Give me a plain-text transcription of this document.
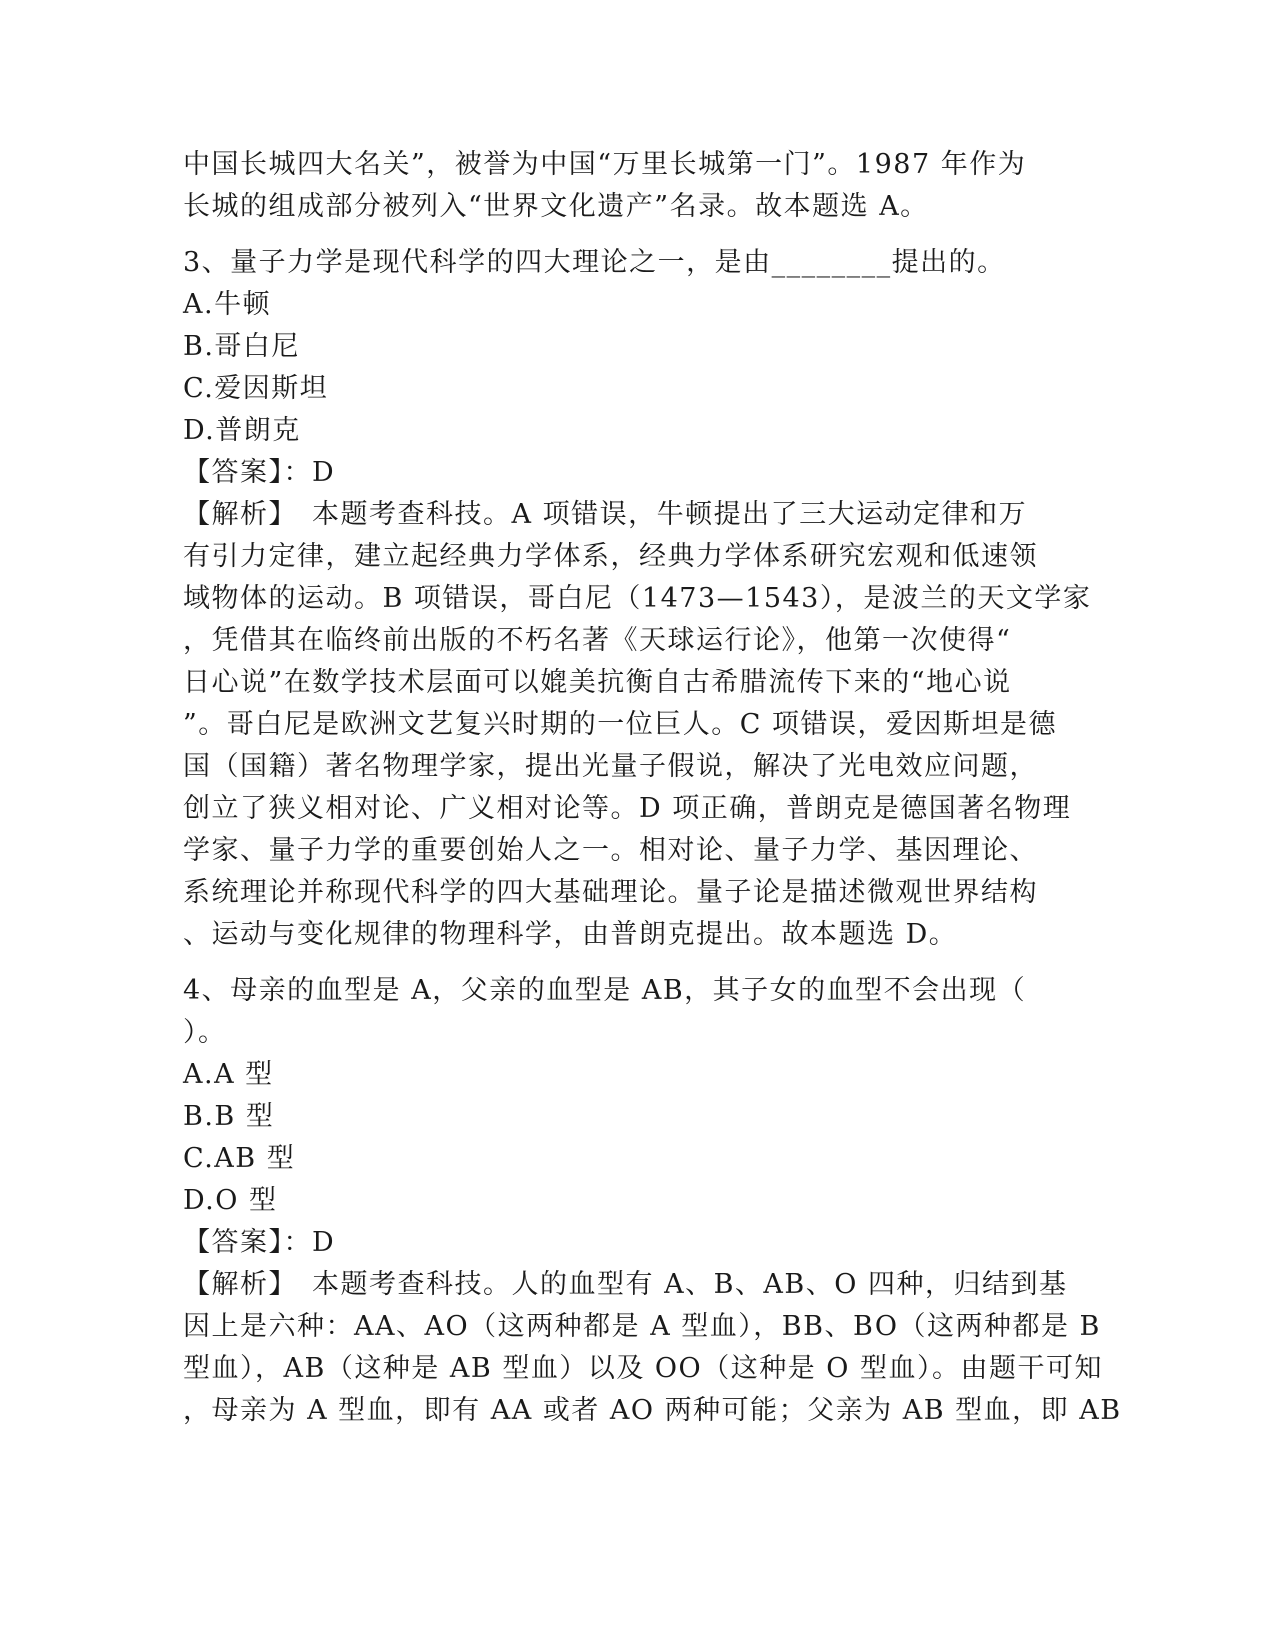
中国长城四大名关”，被誉为中国“万里长城第一门”。1987 年作为
长城的组成部分被列入“世界文化遗产”名录。故本题选 A。
3、量子力学是现代科学的四大理论之一，是由________提出的。
A.牛顿
B.哥白尼
C.爱因斯坦
D.普朗克
【答案】：D
【解析】　本题考查科技。A 项错误，牛顿提出了三大运动定律和万
有引力定律，建立起经典力学体系，经典力学体系研究宏观和低速领
域物体的运动。B 项错误，哥白尼（1473—1543），是波兰的天文学家
，凭借其在临终前出版的不朽名著《天球运行论》，他第一次使得“
日心说”在数学技术层面可以媲美抗衡自古希腊流传下来的“地心说
”。哥白尼是欧洲文艺复兴时期的一位巨人。C 项错误，爱因斯坦是德
国（国籍）著名物理学家，提出光量子假说，解决了光电效应问题，
创立了狭义相对论、广义相对论等。D 项正确，普朗克是德国著名物理
学家、量子力学的重要创始人之一。相对论、量子力学、基因理论、
系统理论并称现代科学的四大基础理论。量子论是描述微观世界结构
、运动与变化规律的物理科学，由普朗克提出。故本题选 D。
4、母亲的血型是 A，父亲的血型是 AB，其子女的血型不会出现（
）。
A.A 型
B.B 型
C.AB 型
D.O 型
【答案】：D
【解析】　本题考查科技。人的血型有 A、B、AB、O 四种，归结到基
因上是六种：AA、AO（这两种都是 A 型血），BB、BO（这两种都是 B
型血），AB（这种是 AB 型血）以及 OO（这种是 O 型血）。由题干可知
，母亲为 A 型血，即有 AA 或者 AO 两种可能；父亲为 AB 型血，即 AB
